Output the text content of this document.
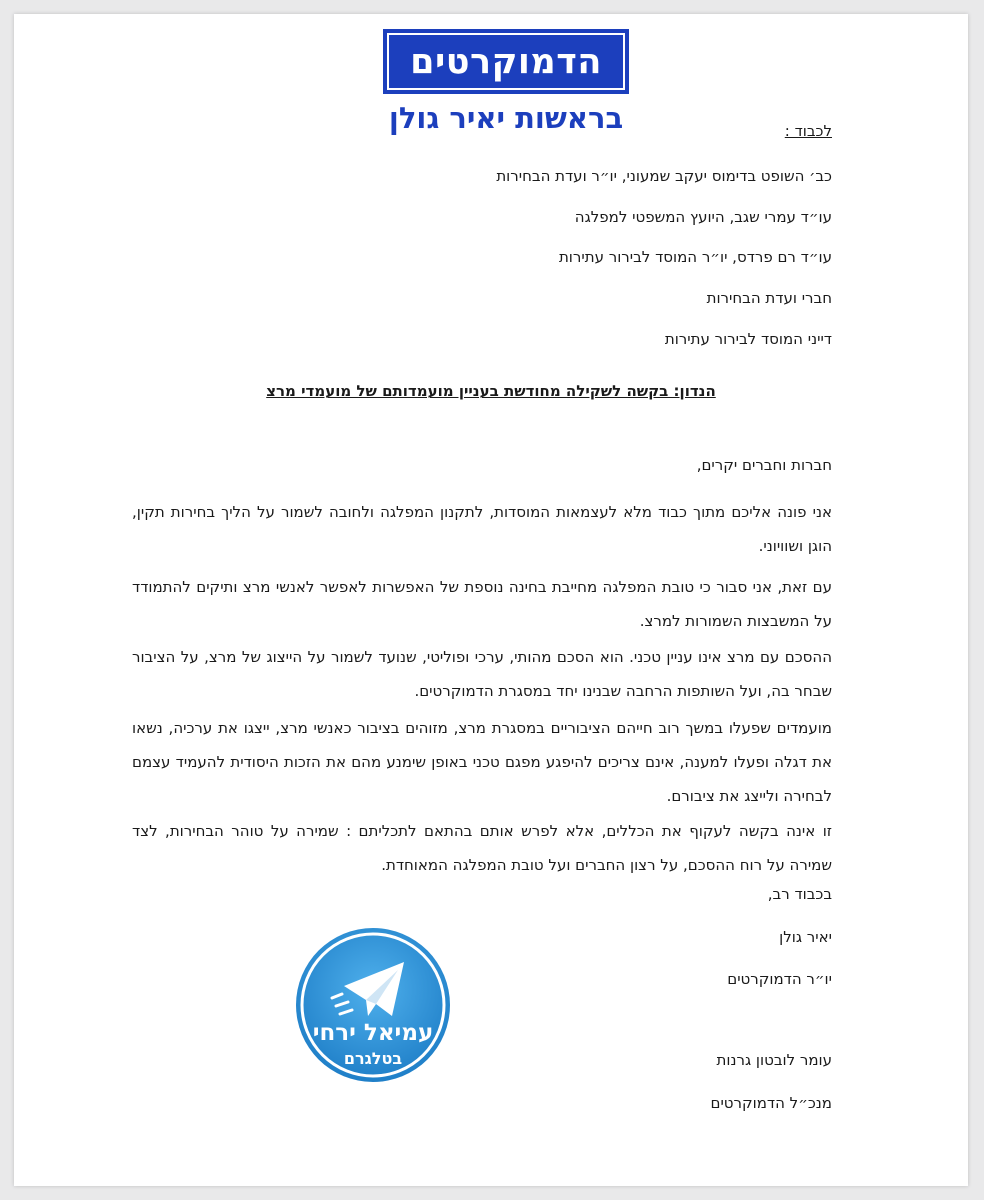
הדמוקרטים
בראשות יאיר גולן	לכבוד :
כב׳ השופט בדימוס יעקב שמעוני, יו״ר ועדת הבחירות
עו״ד עמרי שגב, היועץ המשפטי למפלגה
עו״ד רם פרדס, יו״ר המוסד לבירור עתירות
חברי ועדת הבחירות
דייני המוסד לבירור עתירות
הנדון: בקשה לשקילה מחודשת בעניין מועמדותם של מועמדי מרצ
חברות וחברים יקרים,
אני פונה אליכם מתוך כבוד מלא לעצמאות המוסדות, לתקנון המפלגה ולחובה לשמור על הליך בחירות תקין, הוגן ושוויוני.
עם זאת, אני סבור כי טובת המפלגה מחייבת בחינה נוספת של האפשרות לאפשר לאנשי מרצ ותיקים להתמודד על המשבצות השמורות למרצ.
ההסכם עם מרצ אינו עניין טכני. הוא הסכם מהותי, ערכי ופוליטי, שנועד לשמור על הייצוג של מרצ, על הציבור שבחר בה, ועל השותפות הרחבה שבנינו יחד במסגרת הדמוקרטים.
מועמדים שפעלו במשך רוב חייהם הציבוריים במסגרת מרצ, מזוהים בציבור כאנשי מרצ, ייצגו את ערכיה, נשאו את דגלה ופעלו למענה, אינם צריכים להיפגע מפגם טכני באופן שימנע מהם את הזכות היסודית להעמיד עצמם לבחירה ולייצג את ציבורם.
זו אינה בקשה לעקוף את הכללים, אלא לפרש אותם בהתאם לתכליתם : שמירה על טוהר הבחירות, לצד שמירה על רוח ההסכם, על רצון החברים ועל טובת המפלגה המאוחדת.
בכבוד רב,
יאיר גולן
יו״ר הדמוקרטים
עומר לובטון גרנות
מנכ״ל הדמוקרטים
עמיאל ירחי
בטלגרם
